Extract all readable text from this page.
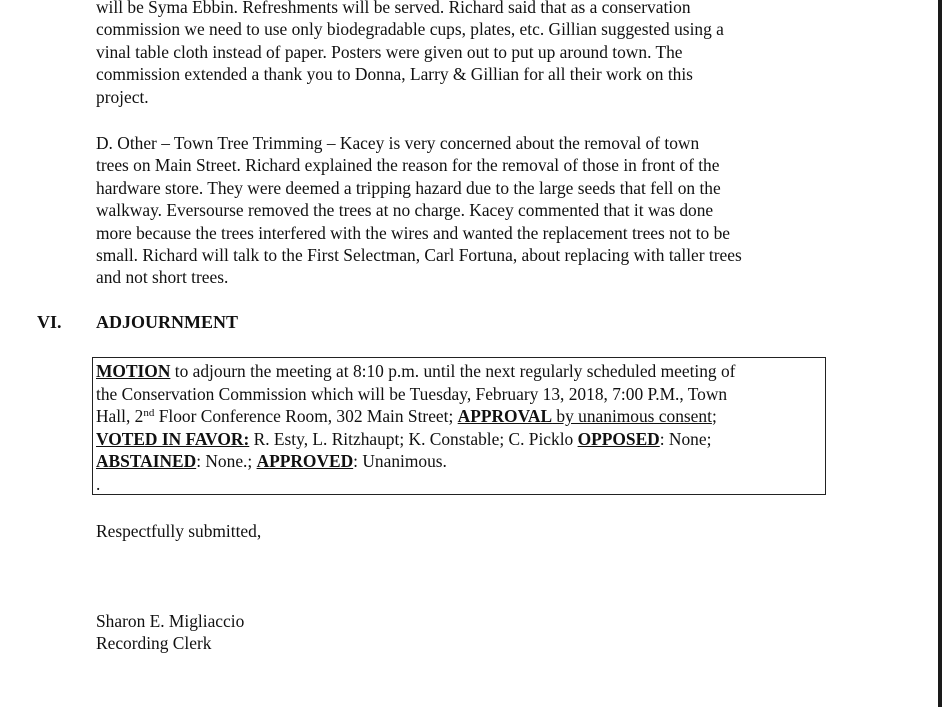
will be Syma Ebbin. Refreshments will be served. Richard said that as a conservation
commission we need to use only biodegradable cups, plates, etc. Gillian suggested using a
vinal table cloth instead of paper. Posters were given out to put up around town. The
commission extended a thank you to Donna, Larry & Gillian for all their work on this
project.

D. Other – Town Tree Trimming – Kacey is very concerned about the removal of town
trees on Main Street. Richard explained the reason for the removal of those in front of the
hardware store. They were deemed a tripping hazard due to the large seeds that fell on the
walkway. Eversourse removed the trees at no charge. Kacey commented that it was done
more because the trees interfered with the wires and wanted the replacement trees not to be
small. Richard will talk to the First Selectman, Carl Fortuna, about replacing with taller trees
and not short trees.

VI. ADJOURNMENT
MOTION to adjourn the meeting at 8:10 p.m. until the next regularly scheduled meeting of
the Conservation Commission which will be Tuesday, February 13, 2018, 7:00 P.M., Town
Hall, 2nd Floor Conference Room, 302 Main Street; APPROVAL by unanimous consent;
VOTED IN FAVOR: R. Esty, L. Ritzhaupt; K. Constable; C. Picklo OPPOSED: None;
ABSTAINED: None.; APPROVED: Unanimous.
.
Respectfully submitted,
Sharon E. Migliaccio
Recording Clerk
